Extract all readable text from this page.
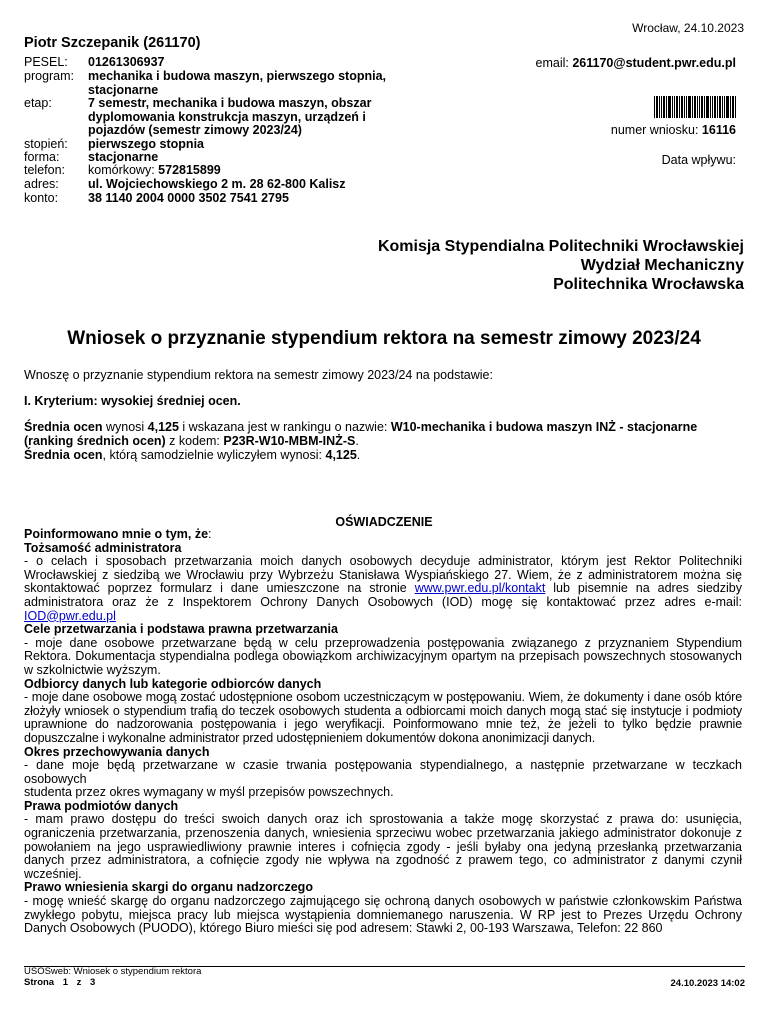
Wrocław, 24.10.2023
Piotr Szczepanik (261170)
PESEL:	01261306937
program:	mechanika i budowa maszyn, pierwszego stopnia, stacjonarne
etap:	7 semestr, mechanika i budowa maszyn, obszar dyplomowania konstrukcja maszyn, urządzeń i pojazdów (semestr zimowy 2023/24)
stopień:	pierwszego stopnia
forma:	stacjonarne
telefon:	komórkowy: 572815899
adres:	ul. Wojciechowskiego 2 m. 28 62-800 Kalisz
konto:	38 1140 2004 0000 3502 7541 2795
email: 261170@student.pwr.edu.pl
numer wniosku: 16116
Data wpływu:
Komisja Stypendialna Politechniki Wrocławskiej
Wydział Mechaniczny
Politechnika Wrocławska
Wniosek o przyznanie stypendium rektora na semestr zimowy 2023/24
Wnoszę o przyznanie stypendium rektora na semestr zimowy 2023/24 na podstawie:
I. Kryterium: wysokiej średniej ocen.
Średnia ocen wynosi 4,125 i wskazana jest w rankingu o nazwie: W10-mechanika i budowa maszyn INŻ - stacjonarne (ranking średnich ocen) z kodem: P23R-W10-MBM-INŻ-S.
Średnia ocen, którą samodzielnie wyliczyłem wynosi: 4,125.
OŚWIADCZENIE
Poinformowano mnie o tym, że:
Tożsamość administratora
- o celach i sposobach przetwarzania moich danych osobowych decyduje administrator, którym jest Rektor Politechniki Wrocławskiej z siedzibą we Wrocławiu przy Wybrzeżu Stanisława Wyspiańskiego 27. Wiem, że z administratorem można się skontaktować poprzez formularz i dane umieszczone na stronie www.pwr.edu.pl/kontakt lub pisemnie na adres siedziby administratora oraz że z Inspektorem Ochrony Danych Osobowych (IOD) mogę się kontaktować przez adres e-mail: IOD@pwr.edu.pl
Cele przetwarzania i podstawa prawna przetwarzania
- moje dane osobowe przetwarzane będą w celu przeprowadzenia postępowania związanego z przyznaniem Stypendium Rektora. Dokumentacja stypendialna podlega obowiązkom archiwizacyjnym opartym na przepisach powszechnych stosowanych w szkolnictwie wyższym.
Odbiorcy danych lub kategorie odbiorców danych
- moje dane osobowe mogą zostać udostępnione osobom uczestniczącym w postępowaniu. Wiem, że dokumenty i dane osób które złożyły wniosek o stypendium trafią do teczek osobowych studenta a odbiorcami moich danych mogą stać się instytucje i podmioty uprawnione do nadzorowania postępowania i jego weryfikacji. Poinformowano mnie też, że jeżeli to tylko będzie prawnie dopuszczalne i wykonalne administrator przed udostępnieniem dokumentów dokona anonimizacji danych.
Okres przechowywania danych
- dane moje będą przetwarzane w czasie trwania postępowania stypendialnego, a następnie przetwarzane w teczkach osobowych
studenta przez okres wymagany w myśl przepisów powszechnych.
Prawa podmiotów danych
- mam prawo dostępu do treści swoich danych oraz ich sprostowania a także mogę skorzystać z prawa do: usunięcia, ograniczenia przetwarzania, przenoszenia danych, wniesienia sprzeciwu wobec przetwarzania jakiego administrator dokonuje z powołaniem na jego usprawiedliwiony prawnie interes i cofnięcia zgody - jeśli byłaby ona jedyną przesłanką przetwarzania danych przez administratora, a cofnięcie zgody nie wpływa na zgodność z prawem tego, co administrator z danymi czynił wcześniej.
Prawo wniesienia skargi do organu nadzorczego
- mogę wnieść skargę do organu nadzorczego zajmującego się ochroną danych osobowych w państwie członkowskim Państwa zwykłego pobytu, miejsca pracy lub miejsca wystąpienia domniemanego naruszenia. W RP jest to Prezes Urzędu Ochrony Danych Osobowych (PUODO), którego Biuro mieści się pod adresem: Stawki 2, 00-193 Warszawa, Telefon: 22 860
USOSweb: Wniosek o stypendium rektora
Strona 1 z 3	24.10.2023 14:02
